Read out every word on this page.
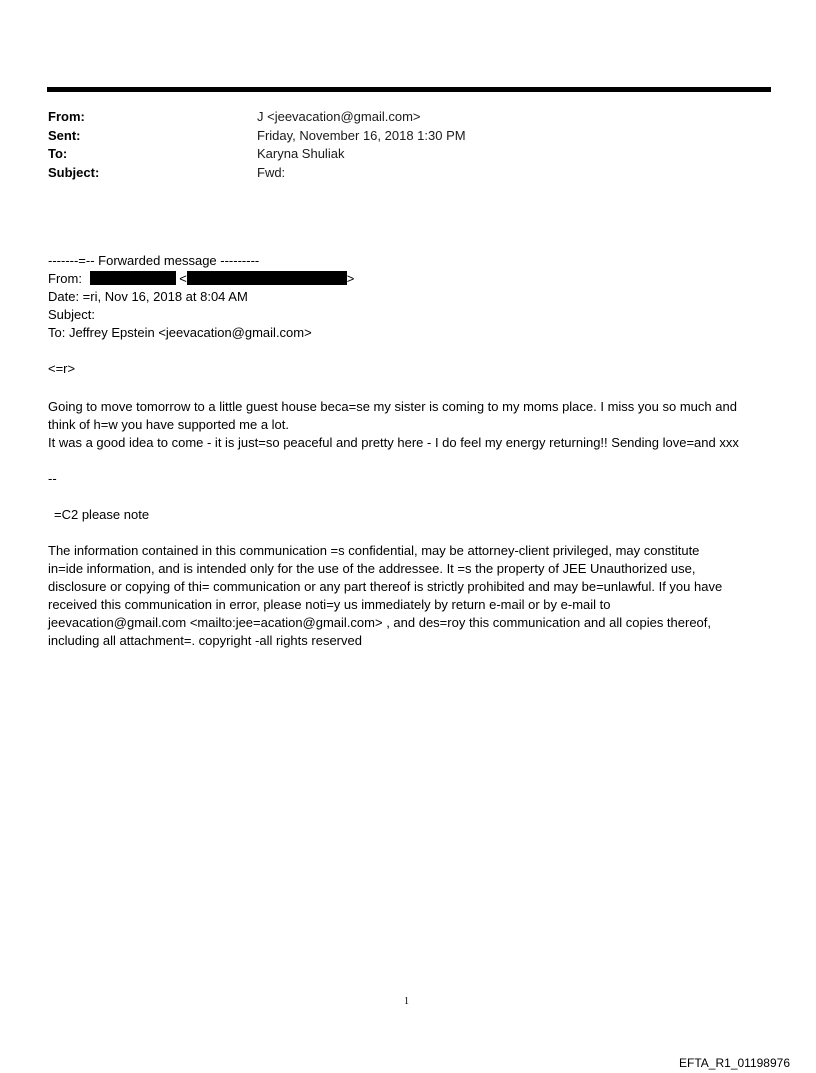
From:	J <jeevacation@gmail.com>
Sent:	Friday, November 16, 2018 1:30 PM
To:	Karyna Shuliak
Subject:	Fwd:
-------=-- Forwarded message ---------
From:	<	>
Date: =ri, Nov 16, 2018 at 8:04 AM
Subject:
To: Jeffrey Epstein <jeevacation@gmail.com>
<=r>
Going to move tomorrow to a little guest house beca=se my sister is coming to my moms place. I miss you so much and
think of h=w you have supported me a lot.
It was a good idea to come - it is just=so peaceful and pretty here - I do feel my energy returning!! Sending love=and xxx
--
=C2 please note
The information contained in this communication =s confidential, may be attorney-client privileged, may constitute
in=ide information, and is intended only for the use of the addressee. It =s the property of JEE Unauthorized use,
disclosure or copying of thi= communication or any part thereof is strictly prohibited and may be=unlawful. If you have
received this communication in error, please noti=y us immediately by return e-mail or by e-mail to
jeevacation@gmail.com <mailto:jee=acation@gmail.com> , and des=roy this communication and all copies thereof,
including all attachment=. copyright -all rights reserved
1
EFTA_R1_01198976
